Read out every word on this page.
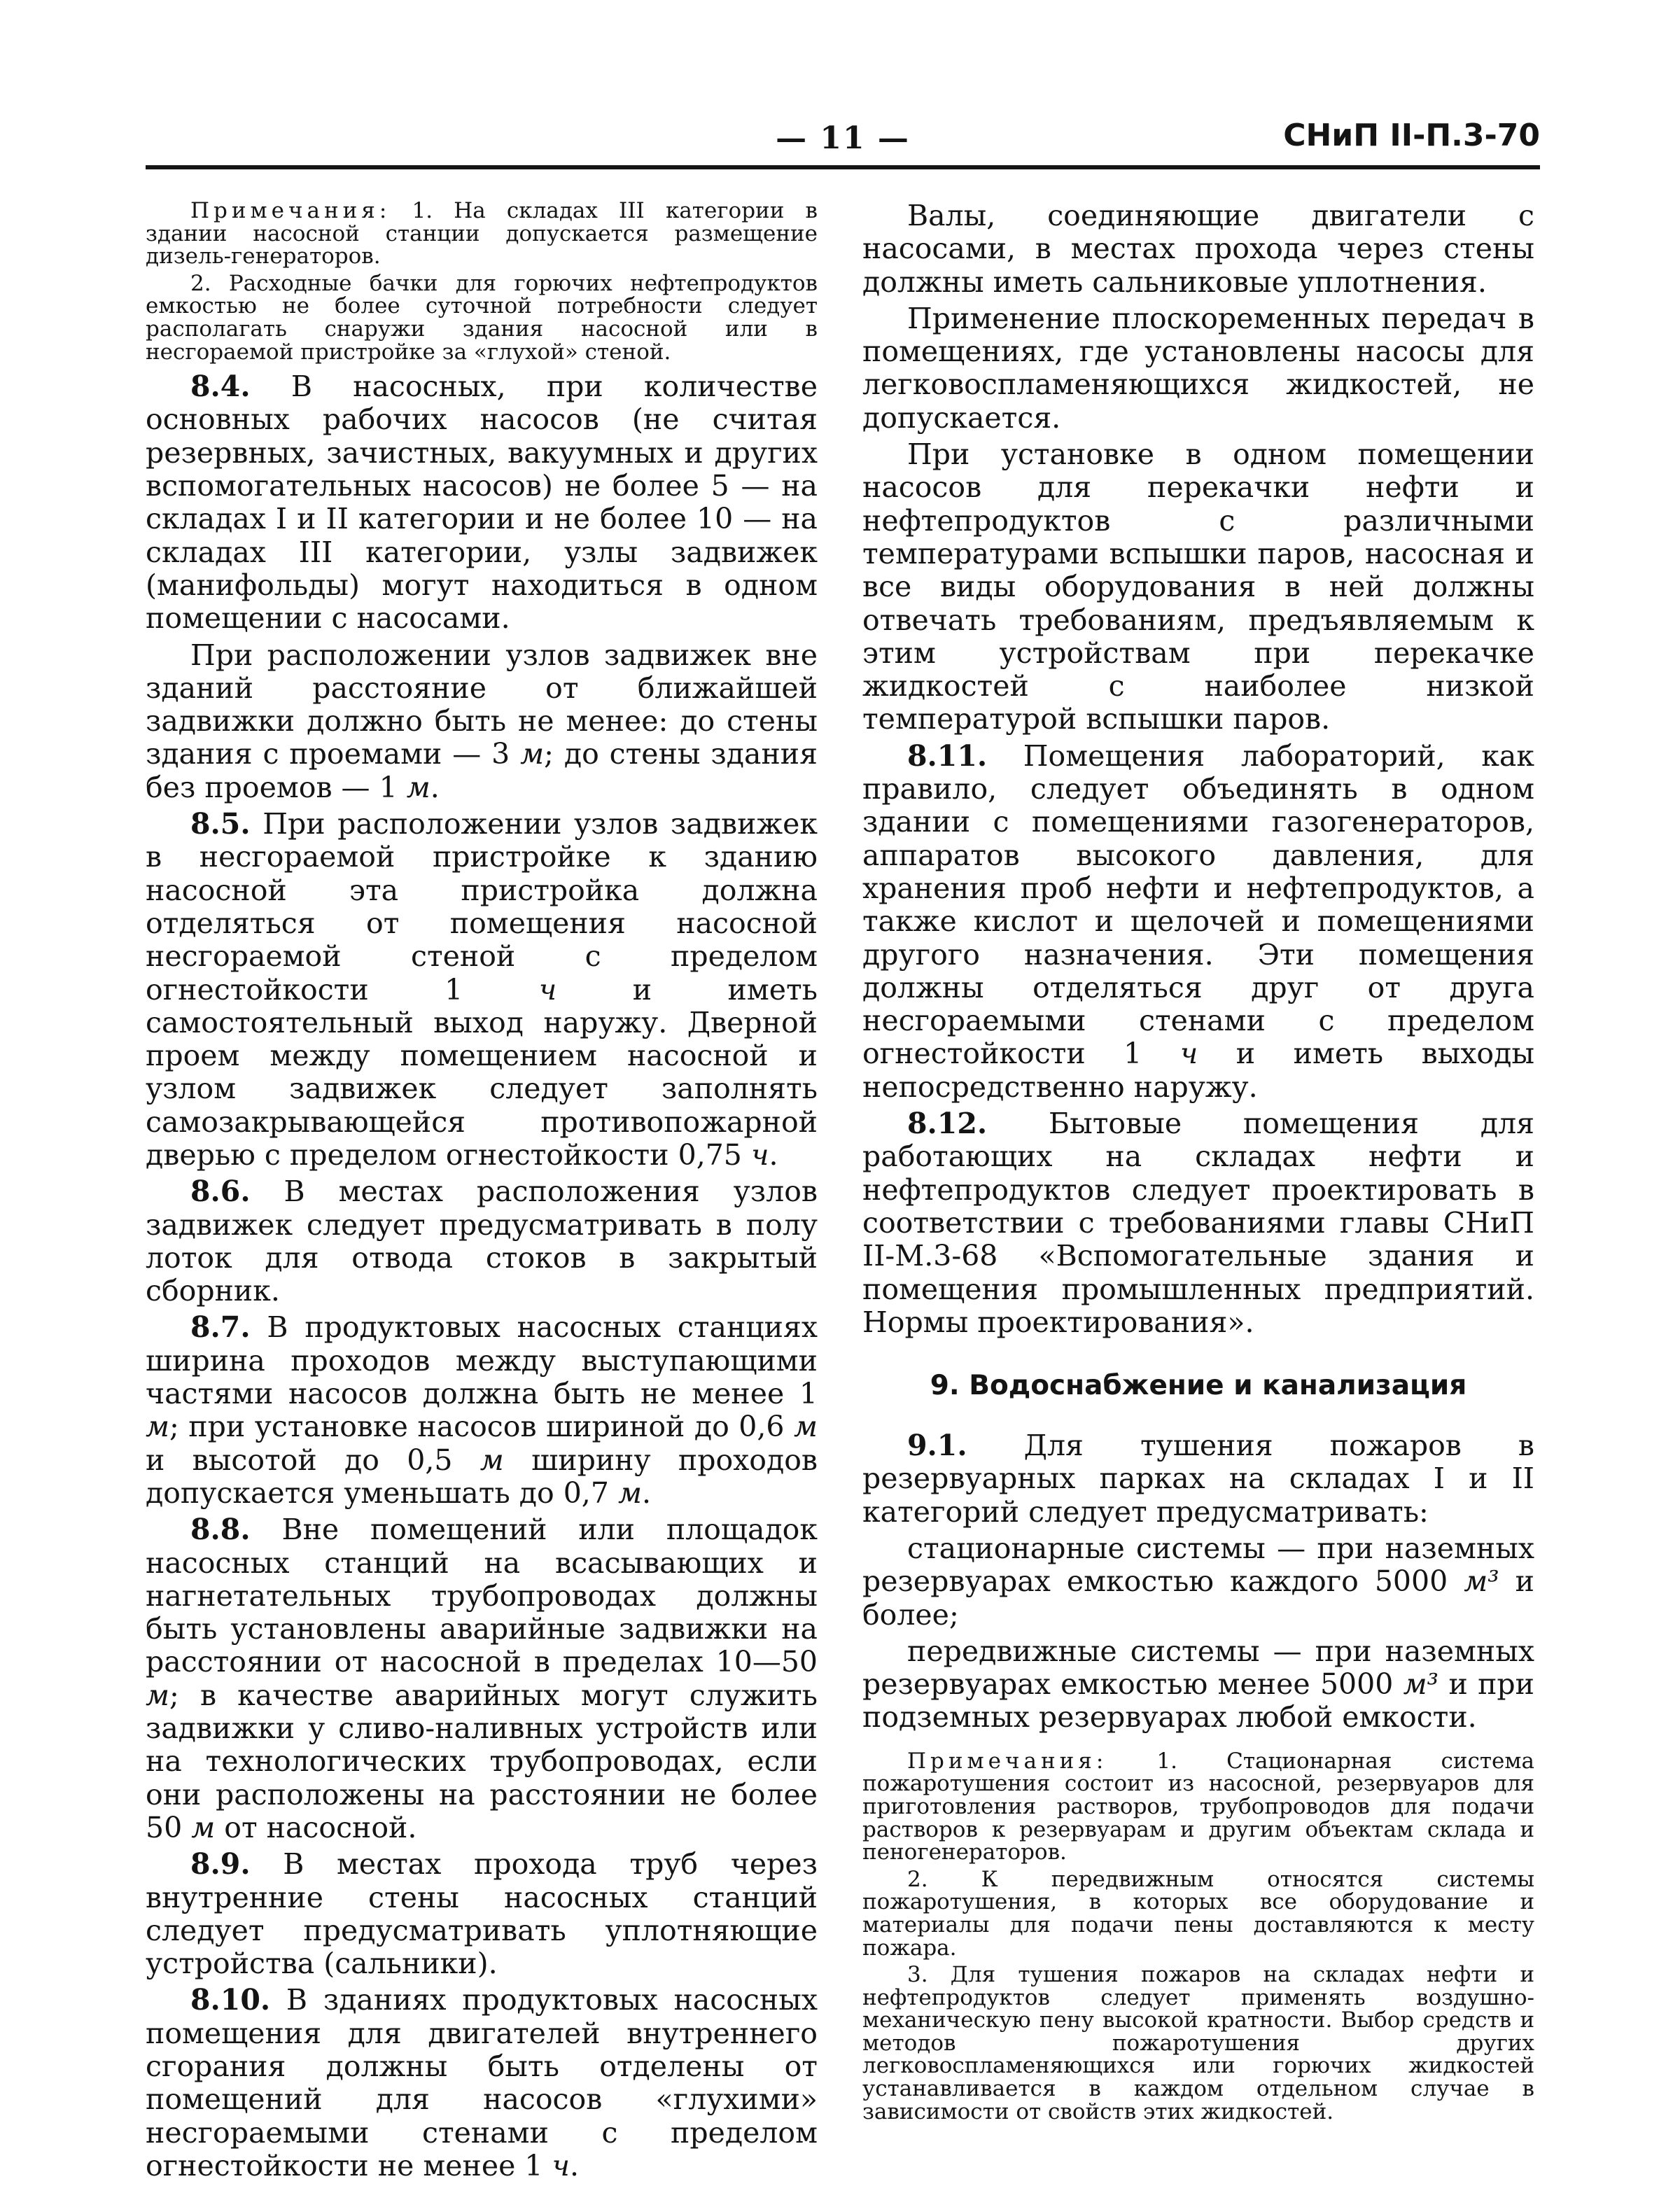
— 11 —	СНиП II-П.3-70

Примечания: 1. На складах III категории в здании насосной станции допускается размещение дизель-генераторов.

2. Расходные бачки для горючих нефтепродуктов емкостью не более суточной потребности следует располагать снаружи здания насосной или в несгораемой пристройке за «глухой» стеной.

8.4. В насосных, при количестве основных рабочих насосов (не считая резервных, зачистных, вакуумных и других вспомогательных насосов) не более 5 — на складах I и II категории и не более 10 — на складах III категории, узлы задвижек (манифольды) могут находиться в одном помещении с насосами.

При расположении узлов задвижек вне зданий расстояние от ближайшей задвижки должно быть не менее: до стены здания с проемами — 3 м; до стены здания без проемов — 1 м.

8.5. При расположении узлов задвижек в несгораемой пристройке к зданию насосной эта пристройка должна отделяться от помещения насосной несгораемой стеной с пределом огнестойкости 1	ч	и иметь самостоятельный выход наружу. Дверной проем между помещением насосной и узлом задвижек следует заполнять самозакрывающейся противопожарной дверью с пределом огнестойкости 0,75 ч.

8.6. В местах расположения узлов задвижек следует предусматривать в полу лоток для отвода стоков в закрытый сборник.

8.7. В продуктовых насосных станциях ширина проходов между выступающими частями насосов должна быть не менее 1 м; при установке насосов шириной до 0,6 м и высотой до 0,5 м ширину проходов допускается уменьшать до 0,7 м.

8.8. Вне помещений или площадок насосных станций на всасывающих и нагнетательных трубопроводах должны быть установлены аварийные задвижки на расстоянии от насосной в пределах 10—50 м; в качестве аварийных могут служить задвижки у сливо-наливных устройств или на технологических трубопроводах, если они расположены на расстоянии не более 50 м от насосной.

8.9. В местах прохода труб через внутренние стены насосных станций следует предусматривать уплотняющие устройства (сальники).

8.10. В зданиях продуктовых насосных помещения для двигателей внутреннего сгорания должны быть отделены от помещений для насосов «глухими» несгораемыми стенами с пределом огнестойкости не менее 1 ч.

Валы, соединяющие двигатели с насосами, в местах прохода через стены должны иметь сальниковые уплотнения.

Применение плоскоременных передач в помещениях, где установлены насосы для легковоспламеняющихся жидкостей, не допускается.

При установке в одном помещении насосов для перекачки нефти и нефтепродуктов с различными температурами вспышки паров, насосная и все виды оборудования в ней должны отвечать требованиям, предъявляемым к этим устройствам при перекачке жидкостей с наиболее низкой температурой вспышки паров.

8.11. Помещения лабораторий, как правило, следует объединять в одном здании с помещениями газогенераторов, аппаратов высокого давления, для хранения проб нефти и нефтепродуктов, а также кислот и щелочей и помещениями другого назначения. Эти помещения должны отделяться друг от друга несгораемыми стенами с пределом огнестойкости 1 ч и иметь выходы непосредственно наружу.

8.12. Бытовые помещения для работающих на складах нефти и нефтепродуктов следует проектировать в соответствии с требованиями главы СНиП II-М.3-68 «Вспомогательные здания и помещения промышленных предприятий. Нормы проектирования».

9. Водоснабжение и канализация

9.1. Для тушения пожаров в резервуарных парках на складах I и II категорий следует предусматривать:

стационарные системы — при наземных резервуарах емкостью каждого 5000 м³ и более;

передвижные системы — при наземных резервуарах емкостью менее 5000 м³ и при подземных резервуарах любой емкости.

Примечания: 1. Стационарная система пожаротушения состоит из насосной, резервуаров для приготовления растворов, трубопроводов для подачи растворов к резервуарам и другим объектам склада и пеногенераторов.

2. К передвижным относятся системы пожаротушения, в которых все оборудование и материалы для подачи пены доставляются к месту пожара.

3. Для тушения пожаров на складах нефти и нефтепродуктов следует применять воздушно-механическую пену высокой кратности. Выбор средств и методов пожаротушения других легковоспламеняющихся или горючих жидкостей устанавливается в каждом отдельном случае в зависимости от свойств этих жидкостей.
